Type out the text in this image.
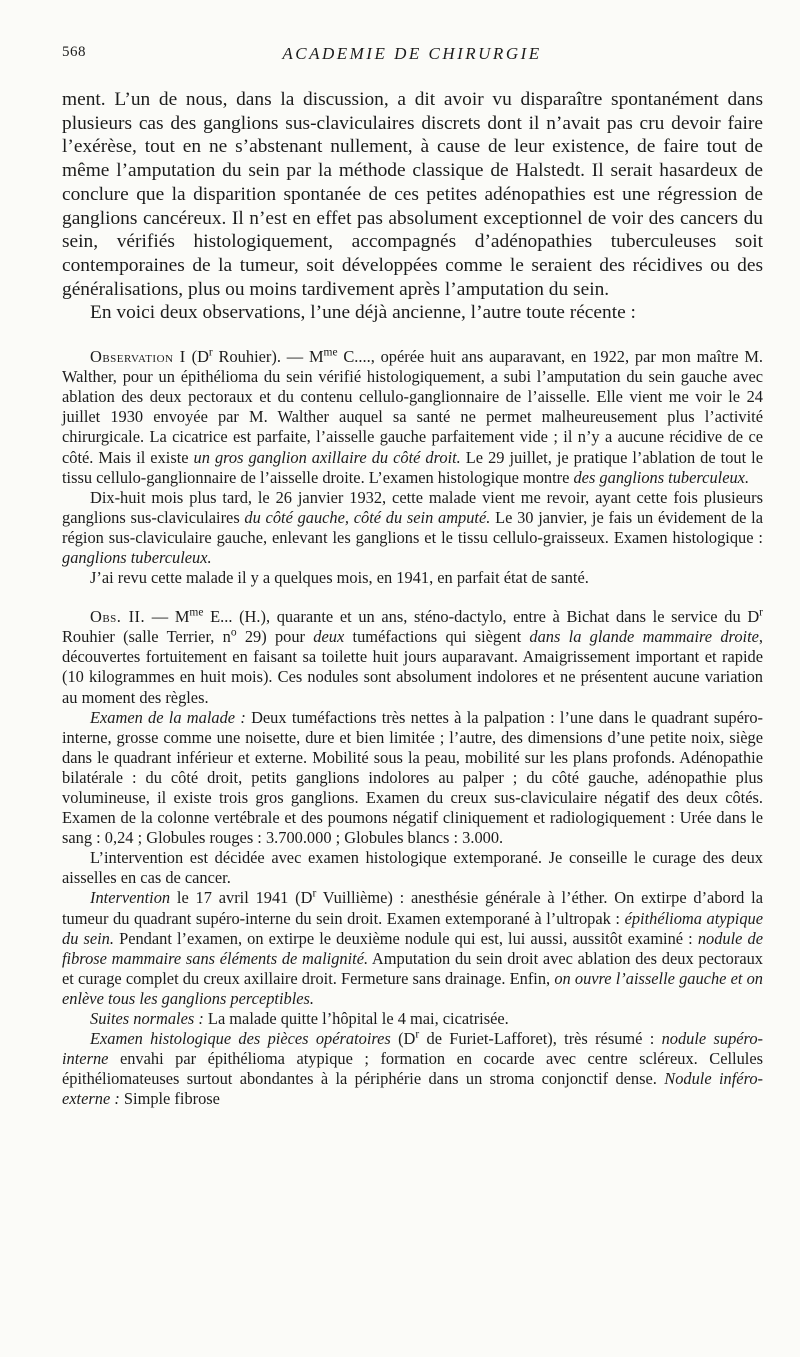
568	ACADEMIE DE CHIRURGIE

ment. L’un de nous, dans la discussion, a dit avoir vu disparaître spontanément dans plusieurs cas des ganglions sus-claviculaires discrets dont il n’avait pas cru devoir faire l’exérèse, tout en ne s’abstenant nullement, à cause de leur existence, de faire tout de même l’amputation du sein par la méthode classique de Halstedt. Il serait hasardeux de conclure que la disparition spontanée de ces petites adénopathies est une régression de ganglions cancéreux. Il n’est en effet pas absolument exceptionnel de voir des cancers du sein, vérifiés histologiquement, accompagnés d’adénopathies tuberculeuses soit contemporaines de la tumeur, soit développées comme le seraient des récidives ou des généralisations, plus ou moins tardivement après l’amputation du sein.

En voici deux observations, l’une déjà ancienne, l’autre toute récente :

Observation I ($D^r$ Rouhier). — $M^{me}$ C...., opérée huit ans auparavant, en 1922, par mon maître M. Walther, pour un épithélioma du sein vérifié histologiquement, a subi l’amputation du sein gauche avec ablation des deux pectoraux et du contenu cellulo-ganglionnaire de l’aisselle. Elle vient me voir le 24 juillet 1930 envoyée par M. Walther auquel sa santé ne permet malheureusement plus l’activité chirurgicale. La cicatrice est parfaite, l’aisselle gauche parfaitement vide ; il n’y a aucune récidive de ce côté. Mais il existe un gros ganglion axillaire du côté droit. Le 29 juillet, je pratique l’ablation de tout le tissu cellulo-ganglionnaire de l’aisselle droite. L’examen histologique montre des ganglions tuberculeux.

Dix-huit mois plus tard, le 26 janvier 1932, cette malade vient me revoir, ayant cette fois plusieurs ganglions sus-claviculaires du côté gauche, côté du sein amputé. Le 30 janvier, je fais un évidement de la région sus-claviculaire gauche, enlevant les ganglions et le tissu cellulo-graisseux. Examen histologique : ganglions tuberculeux.

J’ai revu cette malade il y a quelques mois, en 1941, en parfait état de santé.

Obs. II. — $M^{me}$ E... (H.), quarante et un ans, sténo-dactylo, entre à Bichat dans le service du $D^r$ Rouhier (salle Terrier, $n^o$ 29) pour deux tuméfactions qui siègent dans la glande mammaire droite, découvertes fortuitement en faisant sa toilette huit jours auparavant. Amaigrissement important et rapide (10 kilogrammes en huit mois). Ces nodules sont absolument indolores et ne présentent aucune variation au moment des règles.

Examen de la malade : Deux tuméfactions très nettes à la palpation : l’une dans le quadrant supéro-interne, grosse comme une noisette, dure et bien limitée ; l’autre, des dimensions d’une petite noix, siège dans le quadrant inférieur et externe. Mobilité sous la peau, mobilité sur les plans profonds. Adénopathie bilatérale : du côté droit, petits ganglions indolores au palper ; du côté gauche, adénopathie plus volumineuse, il existe trois gros ganglions. Examen du creux sus-claviculaire négatif des deux côtés. Examen de la colonne vertébrale et des poumons négatif cliniquement et radiologiquement : Urée dans le sang : 0,24 ; Globules rouges : 3.700.000 ; Globules blancs : 3.000.

L’intervention est décidée avec examen histologique extemporané. Je conseille le curage des deux aisselles en cas de cancer.

Intervention le 17 avril 1941 ($D^r$ Vuillième) : anesthésie générale à l’éther. On extirpe d’abord la tumeur du quadrant supéro-interne du sein droit. Examen extemporané à l’ultropak : épithélioma atypique du sein. Pendant l’examen, on extirpe le deuxième nodule qui est, lui aussi, aussitôt examiné : nodule de fibrose mammaire sans éléments de malignité. Amputation du sein droit avec ablation des deux pectoraux et curage complet du creux axillaire droit. Fermeture sans drainage. Enfin, on ouvre l’aisselle gauche et on enlève tous les ganglions perceptibles.

Suites normales : La malade quitte l’hôpital le 4 mai, cicatrisée.

Examen histologique des pièces opératoires ($D^r$ de Furiet-Lafforet), très résumé : nodule supéro-interne envahi par épithélioma atypique ; formation en cocarde avec centre scléreux. Cellules épithéliomateuses surtout abondantes à la périphérie dans un stroma conjonctif dense. Nodule inféro-externe : Simple fibrose
